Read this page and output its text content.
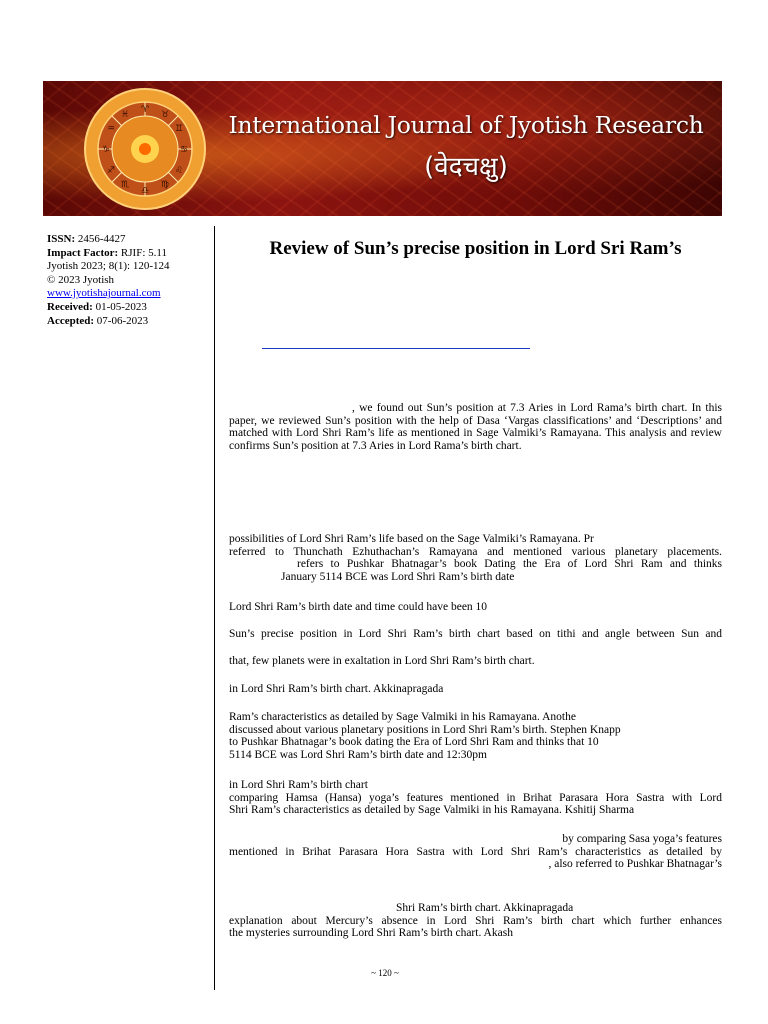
♈ ♉
♊
♋
♌
♍
♎
♏
♐
♑
♒
♓	International Journal of Jyotish Research
(वेदचक्षु)
ISSN: 2456-4427
Impact Factor: RJIF: 5.11
Jyotish 2023; 8(1): 120-124
© 2023 Jyotish
www.jyotishajournal.com
Received: 01-05-2023
Accepted: 07-06-2023
Review of Sun’s precise position in Lord Sri Ram’s
, we found out Sun’s position at 7.3 Aries in Lord Rama’s birth chart. In this
paper, we reviewed Sun’s position with the help of Dasa ‘Vargas classifications’ and ‘Descriptions’ and
matched with Lord Shri Ram’s life as mentioned in Sage Valmiki’s Ramayana. This analysis and review
confirms Sun’s position at 7.3 Aries in Lord Rama’s birth chart.
possibilities of Lord Shri Ram’s life based on the Sage Valmiki’s Ramayana. Pr
referred to Thunchath Ezhuthachan’s Ramayana and mentioned various planetary placements.
refers to Pushkar Bhatnagar’s book Dating the Era of Lord Shri Ram and thinks
January 5114 BCE was Lord Shri Ram’s birth date
Lord Shri Ram’s birth date and time could have been 10
Sun’s precise position in Lord Shri Ram’s birth chart based on tithi and angle between Sun and
that, few planets were in exaltation in Lord Shri Ram’s birth chart.
in Lord Shri Ram’s birth chart. Akkinapragada
Ram’s characteristics as detailed by Sage Valmiki in his Ramayana. Anothe
discussed about various planetary positions in Lord Shri Ram’s birth. Stephen Knapp
to Pushkar Bhatnagar’s book dating the Era of Lord Shri Ram and thinks that 10
5114 BCE was Lord Shri Ram’s birth date and 12:30pm
in Lord Shri Ram’s birth chart
comparing Hamsa (Hansa) yoga’s features mentioned in Brihat Parasara Hora Sastra with Lord
Shri Ram’s characteristics as detailed by Sage Valmiki in his Ramayana. Kshitij Sharma
by comparing Sasa yoga’s features
mentioned in Brihat Parasara Hora Sastra with Lord Shri Ram’s characteristics as detailed by
, also referred to Pushkar Bhatnagar’s
Shri Ram’s birth chart. Akkinapragada
explanation about Mercury’s absence in Lord Shri Ram’s birth chart which further enhances
the mysteries surrounding Lord Shri Ram’s birth chart. Akash
~ 120 ~
